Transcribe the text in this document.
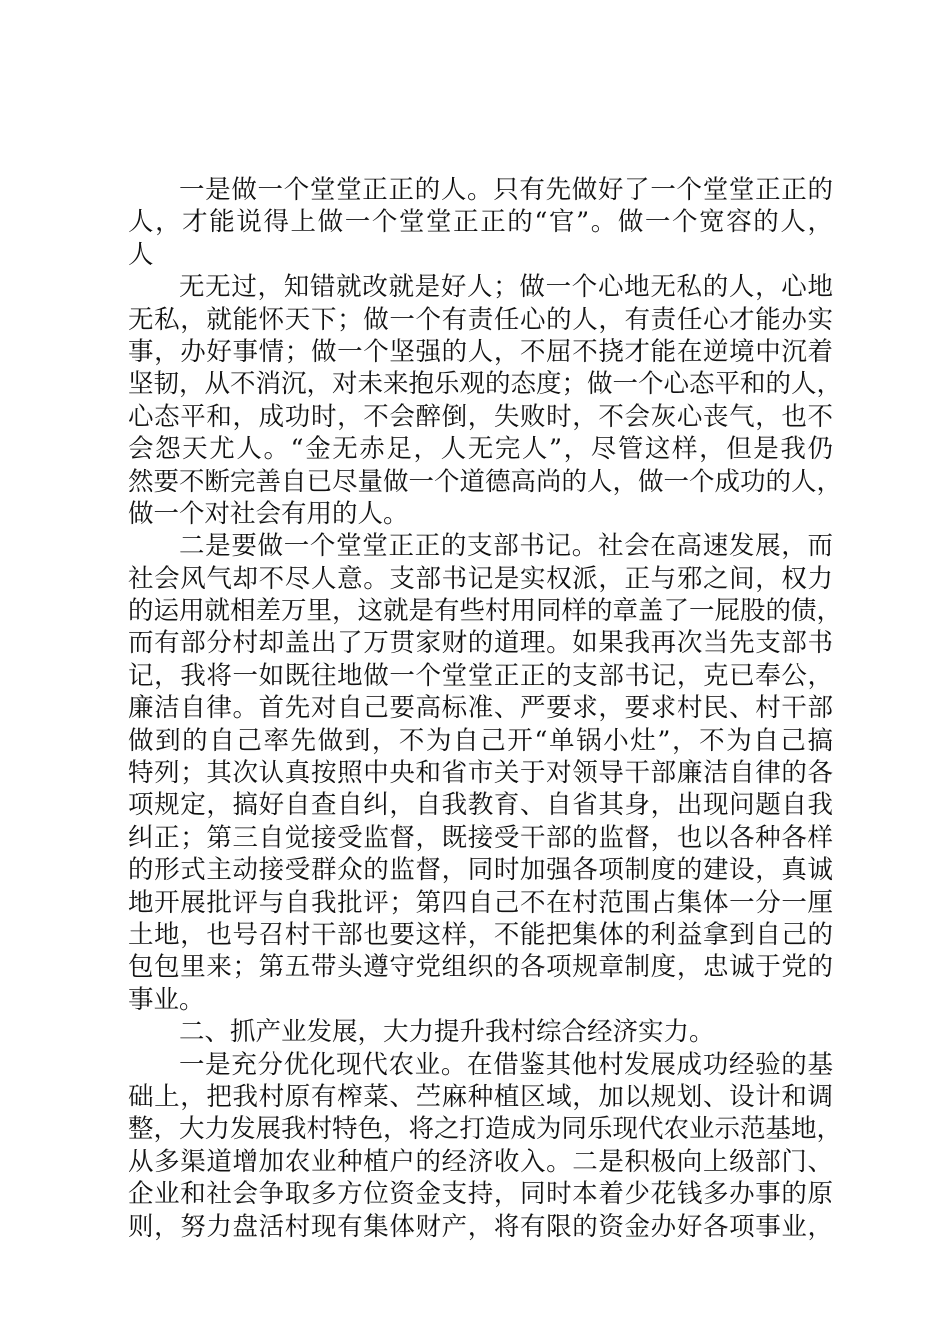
一是做一个堂堂正正的人。只有先做好了一个堂堂正正的
人，才能说得上做一个堂堂正正的“官”。做一个宽容的人，
人
无无过，知错就改就是好人；做一个心地无私的人，心地
无私，就能怀天下；做一个有责任心的人，有责任心才能办实
事，办好事情；做一个坚强的人，不屈不挠才能在逆境中沉着
坚韧，从不消沉，对未来抱乐观的态度；做一个心态平和的人，
心态平和，成功时，不会醉倒，失败时，不会灰心丧气，也不
会怨天尤人。“金无赤足，人无完人”，尽管这样，但是我仍
然要不断完善自已尽量做一个道德高尚的人，做一个成功的人，
做一个对社会有用的人。
二是要做一个堂堂正正的支部书记。社会在高速发展，而
社会风气却不尽人意。支部书记是实权派，正与邪之间，权力
的运用就相差万里，这就是有些村用同样的章盖了一屁股的债，
而有部分村却盖出了万贯家财的道理。如果我再次当先支部书
记，我将一如既往地做一个堂堂正正的支部书记，克已奉公，
廉洁自律。首先对自己要高标准、严要求，要求村民、村干部
做到的自己率先做到，不为自己开“单锅小灶”，不为自己搞
特列；其次认真按照中央和省市关于对领导干部廉洁自律的各
项规定，搞好自查自纠，自我教育、自省其身，出现问题自我
纠正；第三自觉接受监督，既接受干部的监督，也以各种各样
的形式主动接受群众的监督，同时加强各项制度的建设，真诚
地开展批评与自我批评；第四自己不在村范围占集体一分一厘
土地，也号召村干部也要这样，不能把集体的利益拿到自己的
包包里来；第五带头遵守党组织的各项规章制度，忠诚于党的
事业。
二、抓产业发展，大力提升我村综合经济实力。
一是充分优化现代农业。在借鉴其他村发展成功经验的基
础上，把我村原有榨菜、苎麻种植区域，加以规划、设计和调
整，大力发展我村特色，将之打造成为同乐现代农业示范基地，
从多渠道增加农业种植户的经济收入。二是积极向上级部门、
企业和社会争取多方位资金支持，同时本着少花钱多办事的原
则，努力盘活村现有集体财产，将有限的资金办好各项事业，
